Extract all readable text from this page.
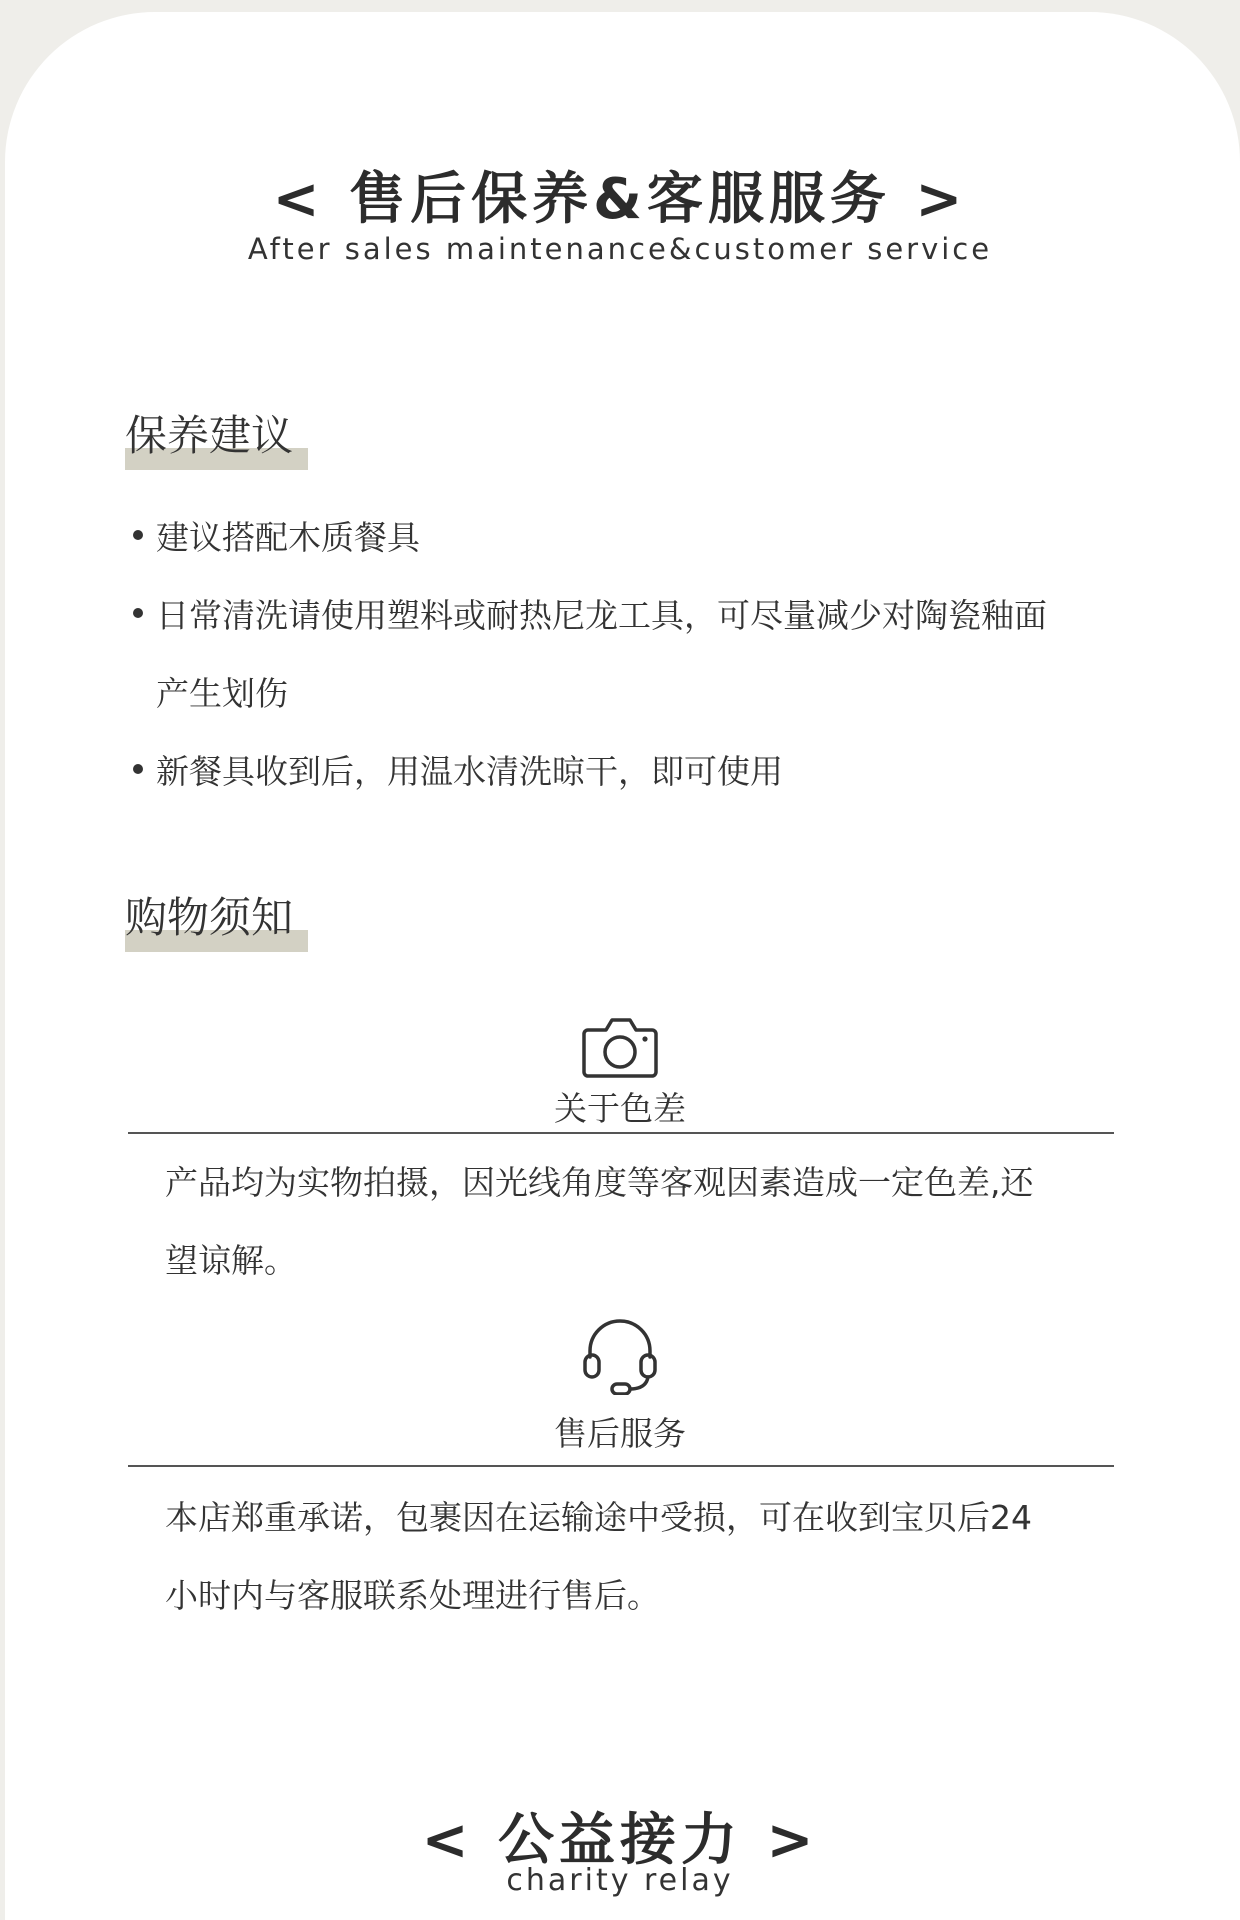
< 售后保养&客服服务 >
After sales maintenance&customer service
保养建议
建议搭配木质餐具
日常清洗请使用塑料或耐热尼龙工具，可尽量减少对陶瓷釉面
产生划伤
新餐具收到后，用温水清洗晾干，即可使用
购物须知
关于色差
产品均为实物拍摄，因光线角度等客观因素造成一定色差,还
望谅解。
售后服务
本店郑重承诺，包裹因在运输途中受损，可在收到宝贝后24
小时内与客服联系处理进行售后。
< 公益接力 >
charity relay
